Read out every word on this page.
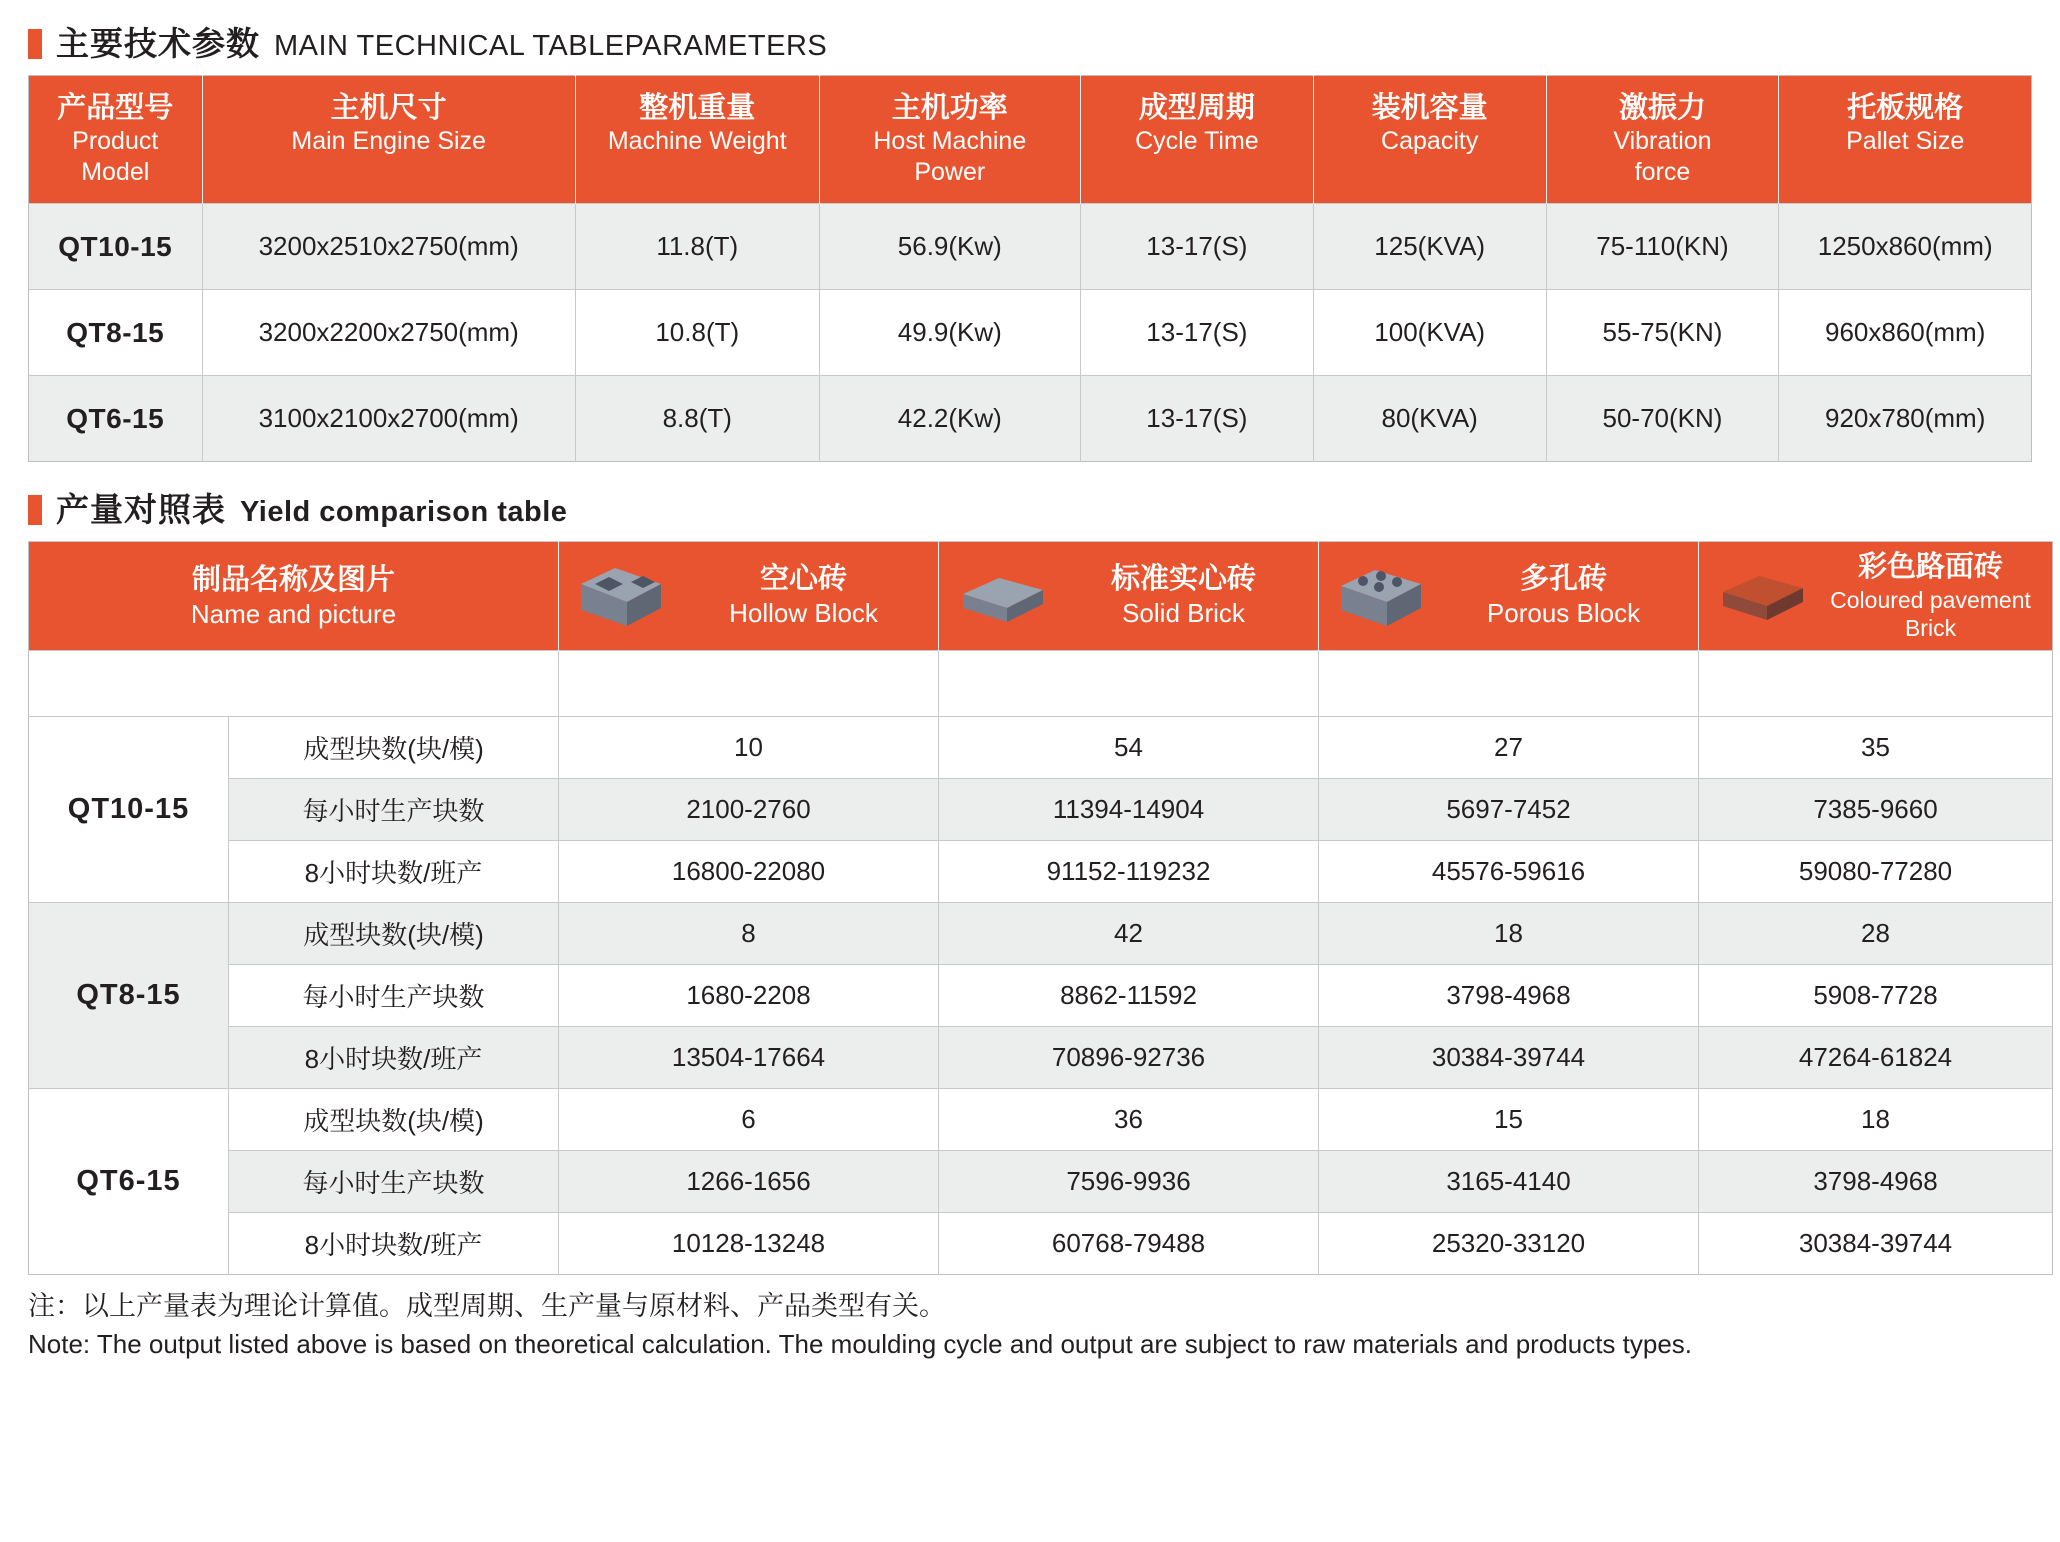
主要技术参数 MAIN TECHNICAL TABLEPARAMETERS
产品型号
Product
Model	主机尺寸
Main Engine Size	整机重量
Machine Weight	主机功率
Host Machine
Power	成型周期
Cycle Time	装机容量
Capacity	激振力
Vibration
force	托板规格
Pallet Size

QT10-15	3200x2510x2750(mm)	11.8(T)	56.9(Kw)	13-17(S)	125(KVA)	75-110(KN)	1250x860(mm)
QT8-15	3200x2200x2750(mm)	10.8(T)	49.9(Kw)	13-17(S)	100(KVA)	55-75(KN)	960x860(mm)
QT6-15	3100x2100x2700(mm)	8.8(T)	42.2(Kw)	13-17(S)	80(KVA)	50-70(KN)	920x780(mm)
产量对照表 Yield comparison table
制品名称及图片
Name and picture		空心砖
Hollow Block	标准实心砖
Solid Brick	多孔砖
Porous Block	彩色路面砖
Coloured pavement Brick

制品规格 Product Size		390x190x190	240x115x53	240x115x90	200x100x60
QT10-15	成型块数(块/模)	10	54	27	35
	每小时生产块数	2100-2760	11394-14904	5697-7452	7385-9660
	8小时块数/班产	16800-22080	91152-119232	45576-59616	59080-77280
QT8-15	成型块数(块/模)	8	42	18	28
	每小时生产块数	1680-2208	8862-11592	3798-4968	5908-7728
	8小时块数/班产	13504-17664	70896-92736	30384-39744	47264-61824
QT6-15	成型块数(块/模)	6	36	15	18
	每小时生产块数	1266-1656	7596-9936	3165-4140	3798-4968
	8小时块数/班产	10128-13248	60768-79488	25320-33120	30384-39744
注：以上产量表为理论计算值。成型周期、生产量与原材料、产品类型有关。
Note: The output listed above is based on theoretical calculation. The moulding cycle and output are subject to raw materials and products types.
